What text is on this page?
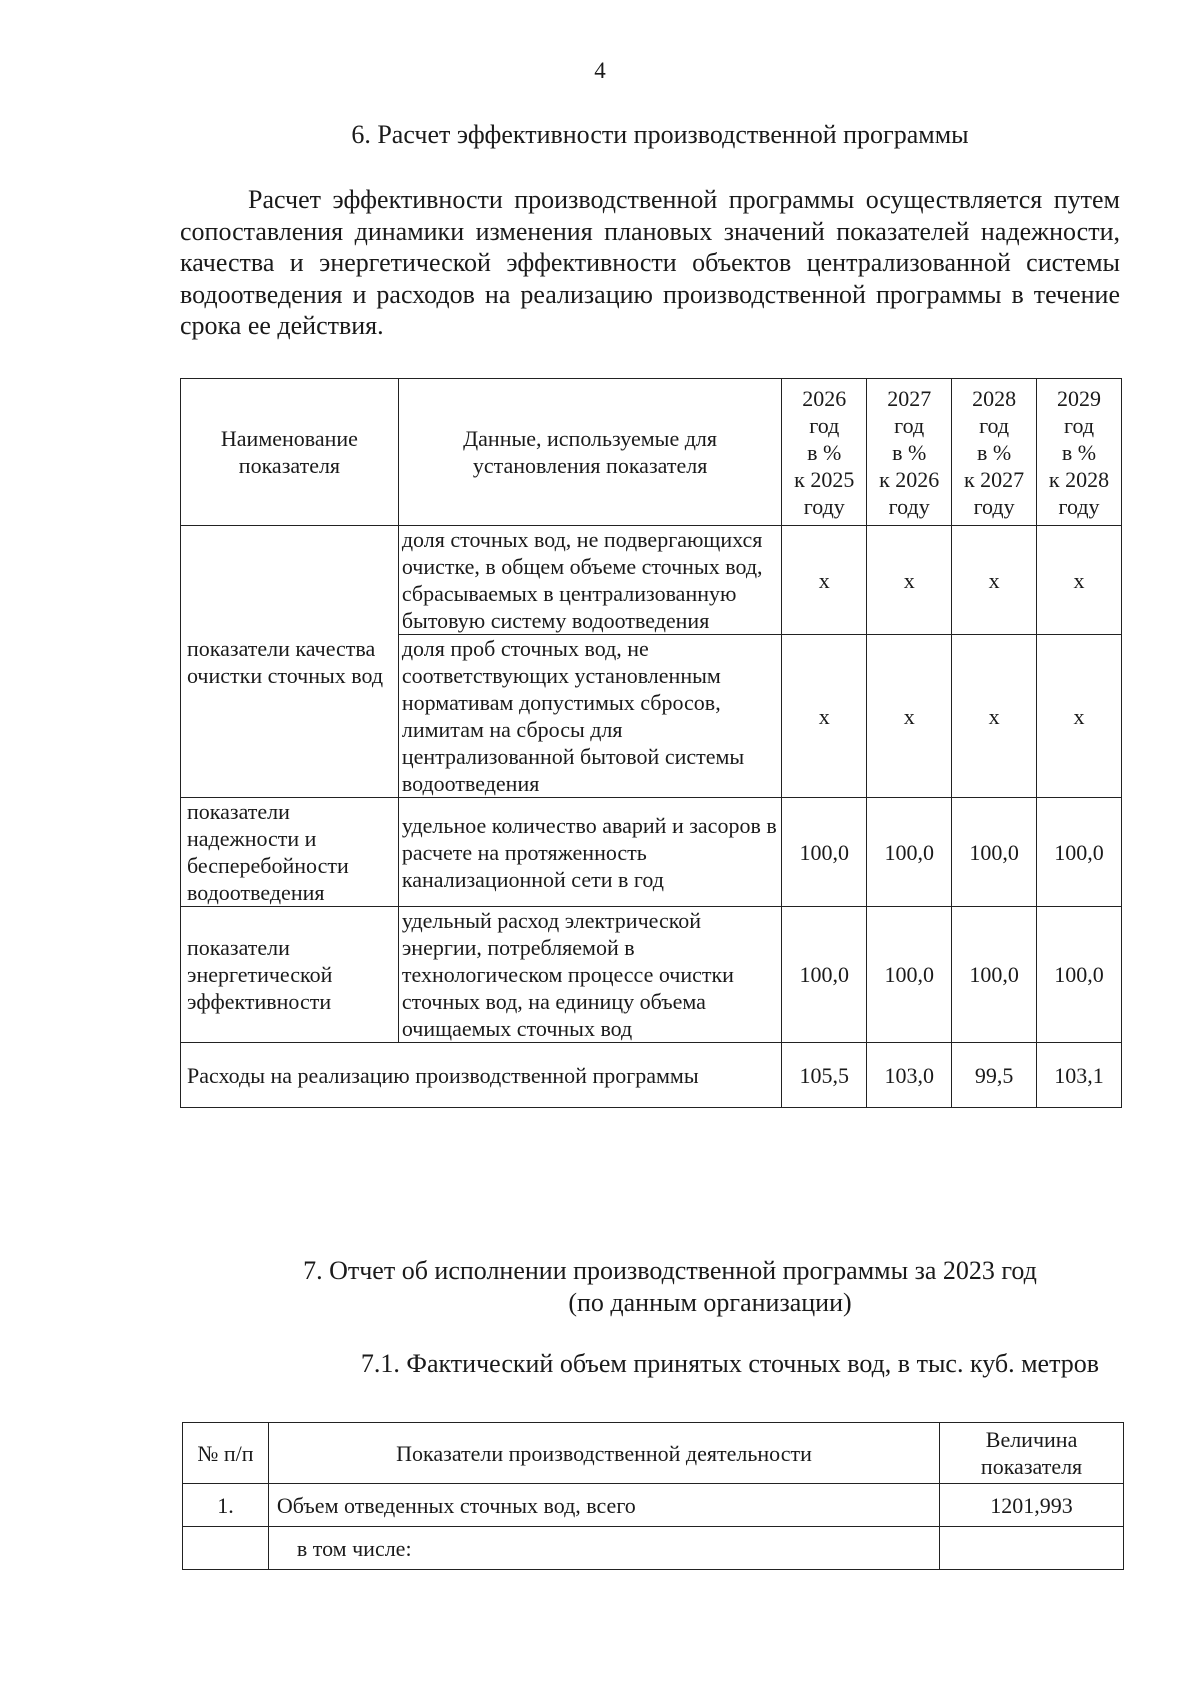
4
6. Расчет эффективности производственной программы
Расчет эффективности производственной программы осуществляется путем сопоставления динамики изменения плановых значений показателей надежности, качества и энергетической эффективности объектов централизованной системы водоотведения и расходов на реализацию производственной программы в течение срока ее действия.
Наименование показателя	Данные, используемые для установления показателя	2026
год
в %
к 2025
году	2027
год
в %
к 2026
году	2028
год
в %
к 2027
году	2029
год
в %
к 2028
году

показатели качества очистки сточных вод	доля сточных вод, не подвергающихся очистке, в общем объеме сточных вод, сбрасываемых в централизованную бытовую систему водоотведения	x	x	x	x
	доля проб сточных вод, не соответствующих установленным нормативам допустимых сбросов, лимитам на сбросы для централизованной бытовой системы водоотведения	x	x	x	x
показатели надежности и бесперебойности водоотведения	удельное количество аварий и засоров в расчете на протяженность канализационной сети в год	100,0	100,0	100,0	100,0
показатели энергетической эффективности	удельный расход электрической энергии, потребляемой в технологическом процессе очистки сточных вод, на единицу объема очищаемых сточных вод	100,0	100,0	100,0	100,0
Расходы на реализацию производственной программы		105,5	103,0	99,5	103,1
7. Отчет об исполнении производственной программы за 2023 год
(по данным организации)
7.1. Фактический объем принятых сточных вод, в тыс. куб. метров
№ п/п	Показатели производственной деятельности	Величина показателя
1.	Объем отведенных сточных вод, всего	1201,993
	в том числе:	
